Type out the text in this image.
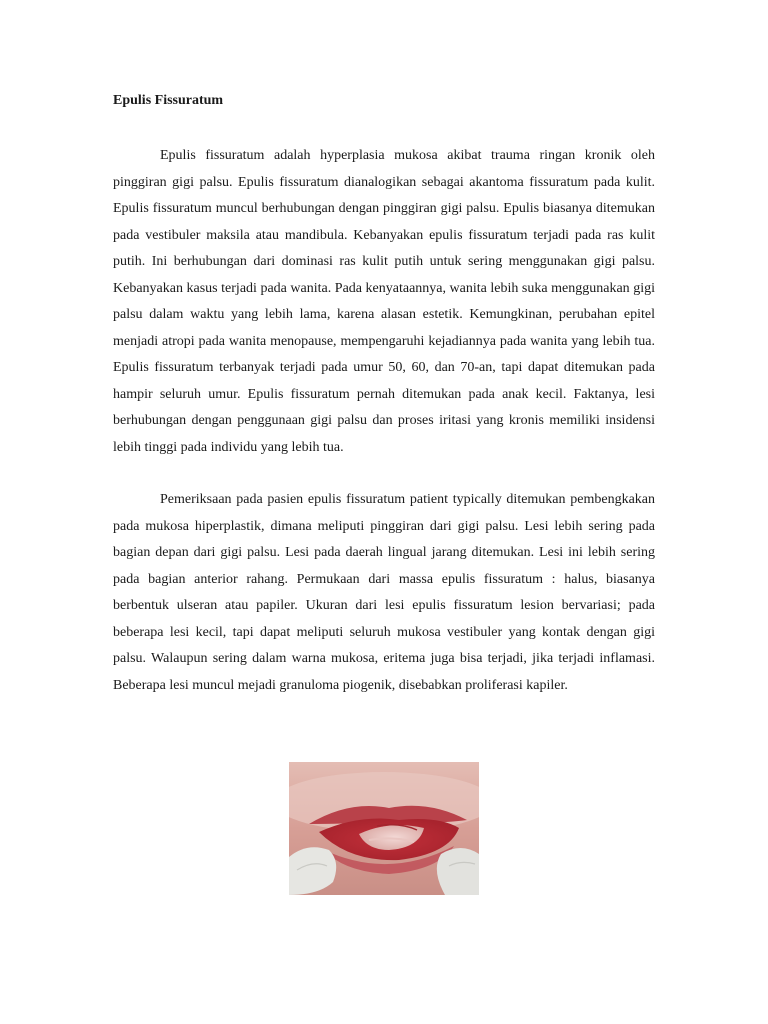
Epulis Fissuratum

Epulis fissuratum adalah hyperplasia mukosa akibat trauma ringan kronik oleh pinggiran gigi palsu. Epulis fissuratum dianalogikan sebagai akantoma fissuratum pada kulit. Epulis fissuratum muncul berhubungan dengan pinggiran gigi palsu. Epulis biasanya ditemukan pada vestibuler maksila atau mandibula. Kebanyakan epulis fissuratum terjadi pada ras kulit putih. Ini berhubungan dari dominasi ras kulit putih untuk sering menggunakan gigi palsu. Kebanyakan kasus terjadi pada wanita. Pada kenyataannya, wanita lebih suka menggunakan gigi palsu dalam waktu yang lebih lama, karena alasan estetik. Kemungkinan, perubahan epitel menjadi atropi pada wanita menopause, mempengaruhi kejadiannya pada wanita yang lebih tua. Epulis fissuratum terbanyak terjadi pada umur 50, 60, dan 70-an, tapi dapat ditemukan pada hampir seluruh umur. Epulis fissuratum pernah ditemukan pada anak kecil. Faktanya, lesi berhubungan dengan penggunaan gigi palsu dan proses iritasi yang kronis memiliki insidensi lebih tinggi pada individu yang lebih tua.

Pemeriksaan pada pasien epulis fissuratum patient typically ditemukan pembengkakan pada mukosa hiperplastik, dimana meliputi pinggiran dari gigi palsu. Lesi lebih sering pada bagian depan dari gigi palsu. Lesi pada daerah lingual jarang ditemukan. Lesi ini lebih sering pada bagian anterior rahang. Permukaan dari massa epulis fissuratum : halus, biasanya berbentuk ulseran atau papiler. Ukuran dari lesi epulis fissuratum lesion bervariasi; pada beberapa lesi kecil, tapi dapat meliputi seluruh mukosa vestibuler yang kontak dengan gigi palsu. Walaupun sering dalam warna mukosa, eritema juga bisa terjadi, jika terjadi inflamasi. Beberapa lesi muncul mejadi granuloma piogenik, disebabkan proliferasi kapiler.
